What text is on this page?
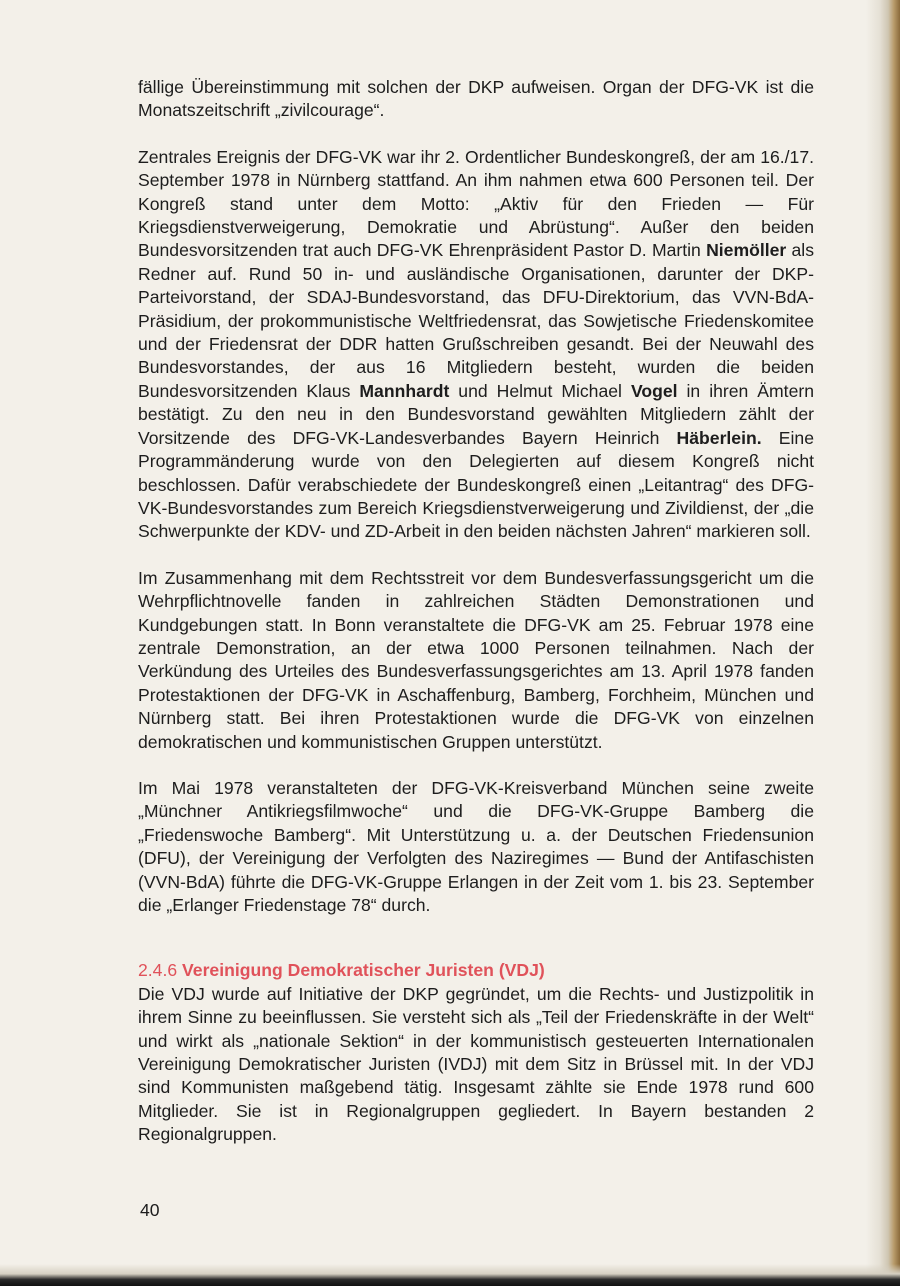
fällige Übereinstimmung mit solchen der DKP aufweisen. Organ der DFG-VK ist die Monatszeitschrift „zivilcourage“.

Zentrales Ereignis der DFG-VK war ihr 2. Ordentlicher Bundeskongreß, der am 16./17. September 1978 in Nürnberg stattfand. An ihm nahmen etwa 600 Personen teil. Der Kongreß stand unter dem Motto: „Aktiv für den Frieden — Für Kriegsdienstverweigerung, Demokratie und Abrüstung“. Außer den beiden Bundesvorsitzenden trat auch DFG-VK Ehrenpräsident Pastor D. Martin Niemöller als Redner auf. Rund 50 in- und ausländische Organisationen, darunter der DKP-Parteivorstand, der SDAJ-Bundesvorstand, das DFU-Direktorium, das VVN-BdA-Präsidium, der prokommunistische Weltfriedensrat, das Sowjetische Friedenskomitee und der Friedensrat der DDR hatten Grußschreiben gesandt. Bei der Neuwahl des Bundesvorstandes, der aus 16 Mitgliedern besteht, wurden die beiden Bundesvorsitzenden Klaus Mannhardt und Helmut Michael Vogel in ihren Ämtern bestätigt. Zu den neu in den Bundesvorstand gewählten Mitgliedern zählt der Vorsitzende des DFG-VK-Landesverbandes Bayern Heinrich Häberlein. Eine Programmänderung wurde von den Delegierten auf diesem Kongreß nicht beschlossen. Dafür verabschiedete der Bundeskongreß einen „Leitantrag“ des DFG-VK-Bundesvorstandes zum Bereich Kriegsdienstverweigerung und Zivildienst, der „die Schwerpunkte der KDV- und ZD-Arbeit in den beiden nächsten Jahren“ markieren soll.

Im Zusammenhang mit dem Rechtsstreit vor dem Bundesverfassungsgericht um die Wehrpflichtnovelle fanden in zahlreichen Städten Demonstrationen und Kundgebungen statt. In Bonn veranstaltete die DFG-VK am 25. Februar 1978 eine zentrale Demonstration, an der etwa 1000 Personen teilnahmen. Nach der Verkündung des Urteiles des Bundesverfassungsgerichtes am 13. April 1978 fanden Protestaktionen der DFG-VK in Aschaffenburg, Bamberg, Forchheim, München und Nürnberg statt. Bei ihren Protestaktionen wurde die DFG-VK von einzelnen demokratischen und kommunistischen Gruppen unterstützt.

Im Mai 1978 veranstalteten der DFG-VK-Kreisverband München seine zweite „Münchner Antikriegsfilmwoche“ und die DFG-VK-Gruppe Bamberg die „Friedenswoche Bamberg“. Mit Unterstützung u. a. der Deutschen Friedensunion (DFU), der Vereinigung der Verfolgten des Naziregimes — Bund der Antifaschisten (VVN-BdA) führte die DFG-VK-Gruppe Erlangen in der Zeit vom 1. bis 23. September die „Erlanger Friedenstage 78“ durch.

2.4.6 Vereinigung Demokratischer Juristen (VDJ)

Die VDJ wurde auf Initiative der DKP gegründet, um die Rechts- und Justizpolitik in ihrem Sinne zu beeinflussen. Sie versteht sich als „Teil der Friedenskräfte in der Welt“ und wirkt als „nationale Sektion“ in der kommunistisch gesteuerten Internationalen Vereinigung Demokratischer Juristen (IVDJ) mit dem Sitz in Brüssel mit. In der VDJ sind Kommunisten maßgebend tätig. Insgesamt zählte sie Ende 1978 rund 600 Mitglieder. Sie ist in Regionalgruppen gegliedert. In Bayern bestanden 2 Regionalgruppen.

40
